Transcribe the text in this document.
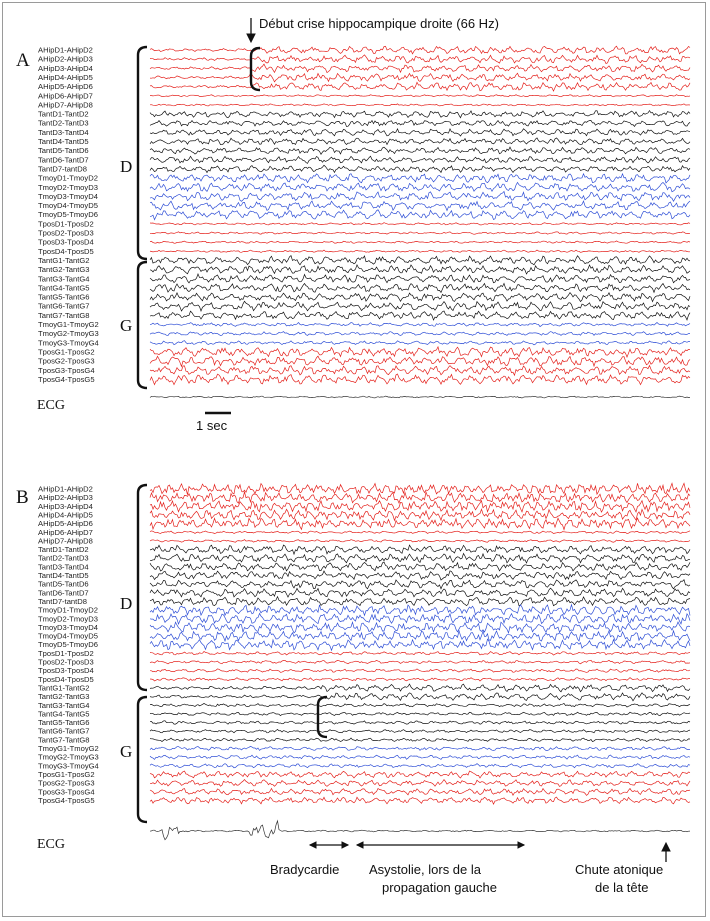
A
Début crise hippocampique droite (66 Hz)
D
G
ECG
1 sec
B
D
G
ECG
Bradycardie Asystolie, lors de la
propagation gauche
Chute atonique
de la tête
AHipD1-AHipD2
AHipD2-AHipD3
AHipD3-AHipD4
AHipD4-AHipD5
AHipD5-AHipD6
AHipD6-AHipD7
AHipD7-AHipD8
TantD1-TantD2
TantD2-TantD3
TantD3-TantD4
TantD4-TantD5
TantD5-TantD6
TantD6-TantD7
TantD7-tantD8
TmoyD1-TmoyD2
TmoyD2-TmoyD3
TmoyD3-TmoyD4
TmoyD4-TmoyD5
TmoyD5-TmoyD6
TposD1-TposD2
TposD2-TposD3
TposD3-TposD4
TposD4-TposD5
TantG1-TantG2
TantG2-TantG3
TantG3-TantG4
TantG4-TantG5
TantG5-TantG6
TantG6-TantG7
TantG7-TantG8
TmoyG1-TmoyG2
TmoyG2-TmoyG3
TmoyG3-TmoyG4
TposG1-TposG2
TposG2-TposG3
TposG3-TposG4
TposG4-TposG5
AHipD1-AHipD2
AHipD2-AHipD3
AHipD3-AHipD4
AHipD4-AHipD5
AHipD5-AHipD6
AHipD6-AHipD7
AHipD7-AHipD8
TantD1-TantD2
TantD2-TantD3
TantD3-TantD4
TantD4-TantD5
TantD5-TantD6
TantD6-TantD7
TantD7-tantD8
TmoyD1-TmoyD2
TmoyD2-TmoyD3
TmoyD3-TmoyD4
TmoyD4-TmoyD5
TmoyD5-TmoyD6
TposD1-TposD2
TposD2-TposD3
TposD3-TposD4
TposD4-TposD5
TantG1-TantG2
TantG2-TantG3
TantG3-TantG4
TantG4-TantG5
TantG5-TantG6
TantG6-TantG7
TantG7-TantG8
TmoyG1-TmoyG2
TmoyG2-TmoyG3
TmoyG3-TmoyG4
TposG1-TposG2
TposG2-TposG3
TposG3-TposG4
TposG4-TposG5
